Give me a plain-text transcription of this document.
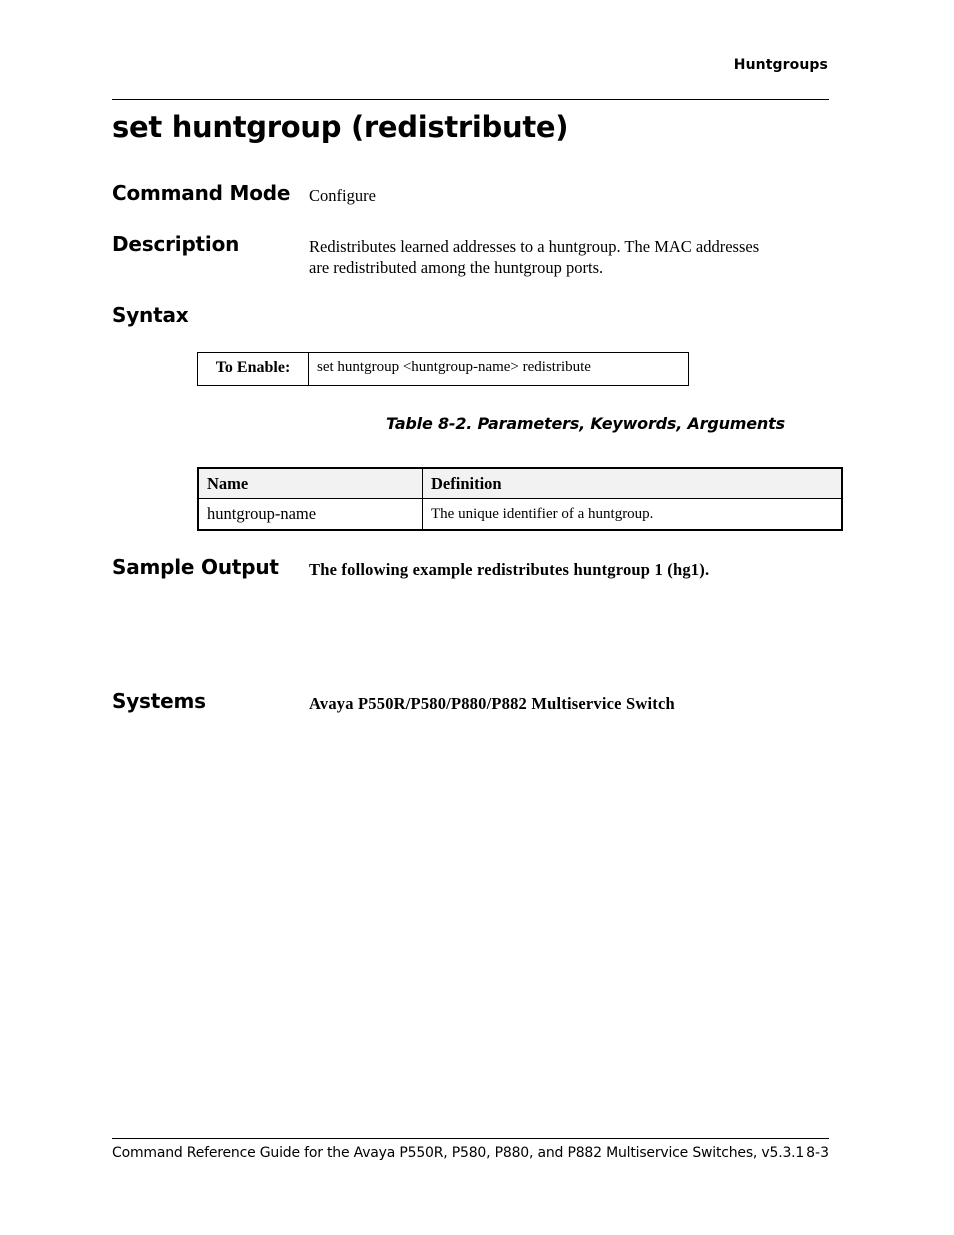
Huntgroups
set huntgroup (redistribute)
Command Mode Configure
Description	Redistributes learned addresses to a huntgroup. The MAC addresses
are redistributed among the huntgroup ports.
Syntax
To Enable:	set huntgroup <huntgroup-name> redistribute
Table 8-2. Parameters, Keywords, Arguments
Name	Definition
huntgroup-name	The unique identifier of a huntgroup.
Sample Output The following example redistributes huntgroup 1 (hg1).
Systems	Avaya P550R/P580/P880/P882 Multiservice Switch
Command Reference Guide for the Avaya P550R, P580, P880, and P882 Multiservice Switches, v5.3.1 8-3
